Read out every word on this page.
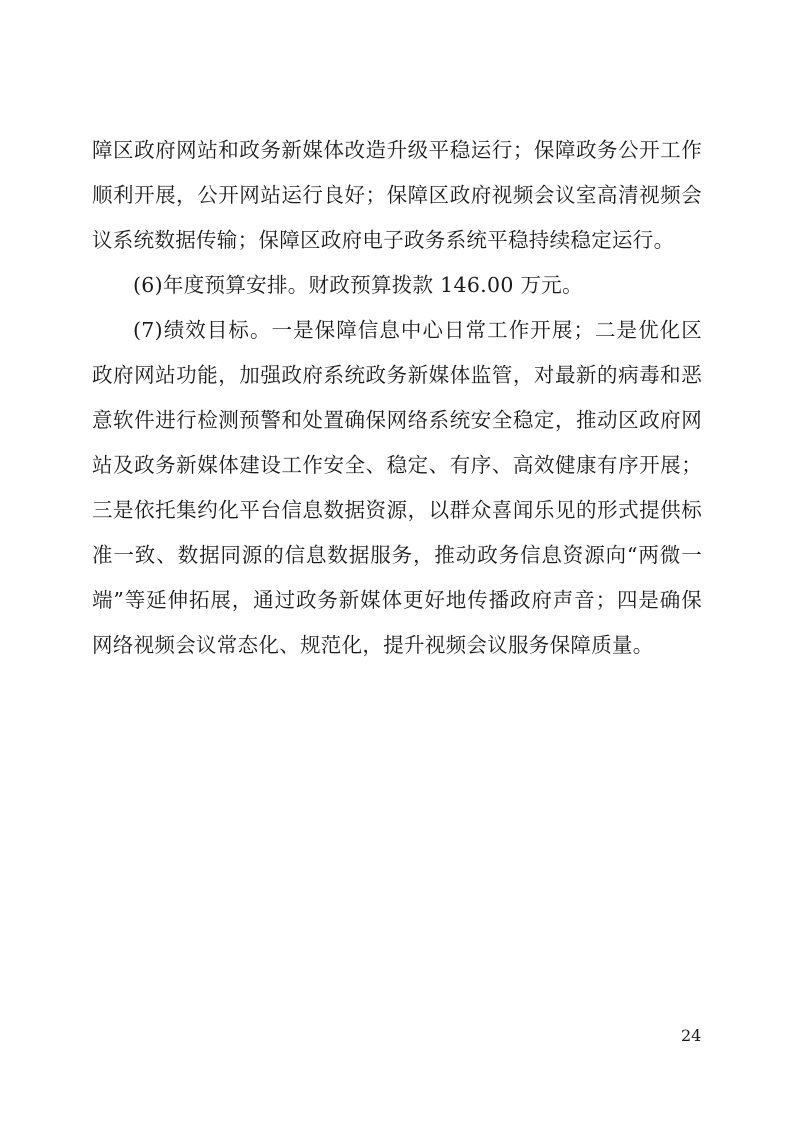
障区政府网站和政务新媒体改造升级平稳运行；保障政务公开工作顺利开展，公开网站运行良好；保障区政府视频会议室高清视频会议系统数据传输；保障区政府电子政务系统平稳持续稳定运行。

(6)年度预算安排。财政预算拨款 146.00 万元。

(7)绩效目标。一是保障信息中心日常工作开展；二是优化区政府网站功能，加强政府系统政务新媒体监管，对最新的病毒和恶意软件进行检测预警和处置确保网络系统安全稳定，推动区政府网站及政务新媒体建设工作安全、稳定、有序、高效健康有序开展；三是依托集约化平台信息数据资源，以群众喜闻乐见的形式提供标准一致、数据同源的信息数据服务，推动政务信息资源向“两微一端”等延伸拓展，通过政务新媒体更好地传播政府声音；四是确保网络视频会议常态化、规范化，提升视频会议服务保障质量。

24
